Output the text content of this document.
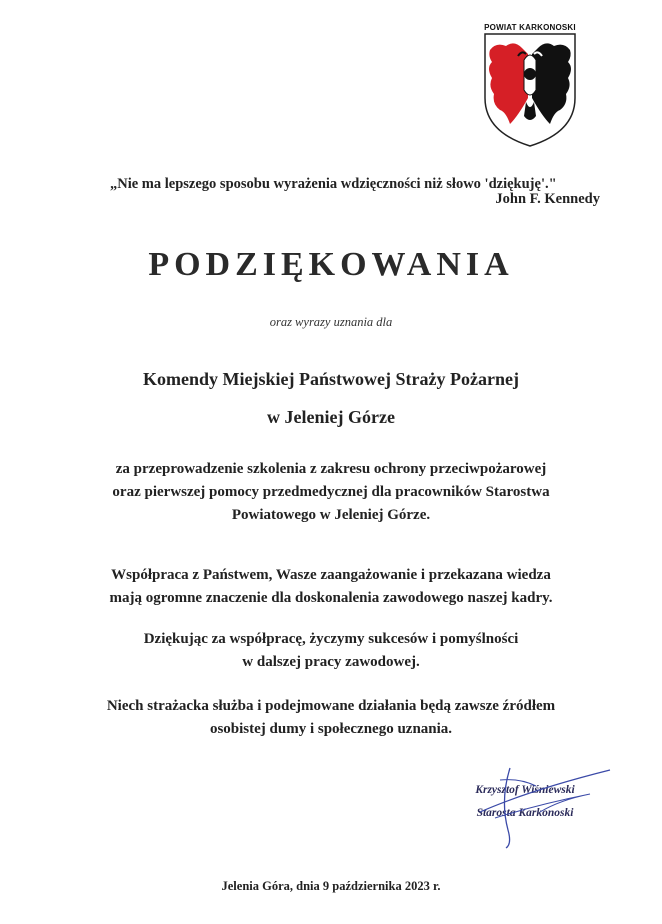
POWIAT KARKONOSKI
„Nie ma lepszego sposobu wyrażenia wdzięczności niż słowo 'dziękuję'."
John F. Kennedy
PODZIĘKOWANIA
oraz wyrazy uznania dla
Komendy Miejskiej Państwowej Straży Pożarnej
w Jeleniej Górze
za przeprowadzenie szkolenia z zakresu ochrony przeciwpożarowej
oraz pierwszej pomocy przedmedycznej dla pracowników Starostwa
Powiatowego w Jeleniej Górze.
Współpraca z Państwem, Wasze zaangażowanie i przekazana wiedza
mają ogromne znaczenie dla doskonalenia zawodowego naszej kadry.
Dziękując za współpracę, życzymy sukcesów i pomyślności
w dalszej pracy zawodowej.
Niech strażacka służba i podejmowane działania będą zawsze źródłem
osobistej dumy i społecznego uznania.
Krzysztof Wiśniewski
Starosta Karkonoski
Jelenia Góra, dnia 9 października 2023 r.
